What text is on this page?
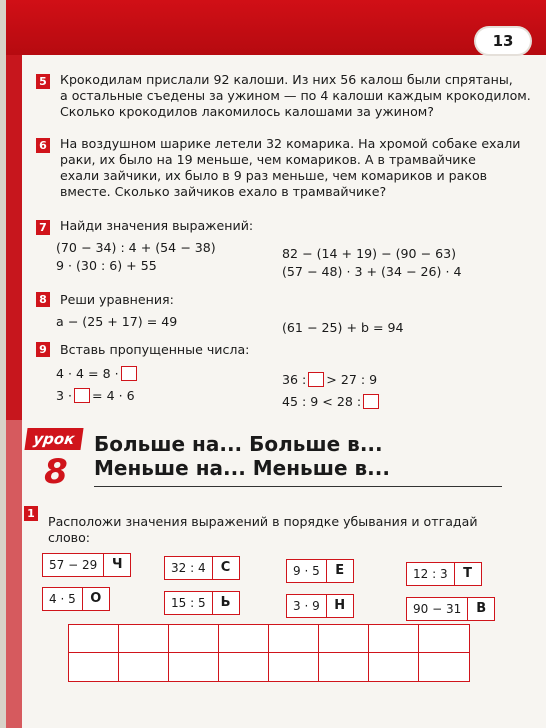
13
5 Крокодилам прислали 92 калоши. Из них 56 калош были спрятаны,
а остальные съедены за ужином — по 4 калоши каждым крокодилом.
Сколько крокодилов лакомилось калошами за ужином?
6 На воздушном шарике летели 32 комарика. На хромой собаке ехали
раки, их было на 19 меньше, чем комариков. А в трамвайчике
ехали зайчики, их было в 9 раз меньше, чем комариков и раков
вместе. Сколько зайчиков ехало в трамвайчике?
7 Найди значения выражений:
(70 − 34) : 4 + (54 − 38)
9 · (30 : 6) + 55
82 − (14 + 19) − (90 − 63)
(57 − 48) · 3 + (34 − 26) · 4
8 Реши уравнения:
a − (25 + 17) = 49	(61 − 25) + b = 94
9 Вставь пропущенные числа:
4 · 4 = 8 ·
3 · = 4 · 6
36 : > 27 : 9
45 : 9 < 28 :
урок
8
Больше на... Больше в...
Меньше на... Меньше в...
1
Расположи значения выражений в порядке убывания и отгадай
слово:
57 − 29	Ч	32 : 4	С	9 · 5	Е	12 : 3	Т
4 · 5	О	15 : 5	Ь	3 · 9	Н	90 − 31	В
